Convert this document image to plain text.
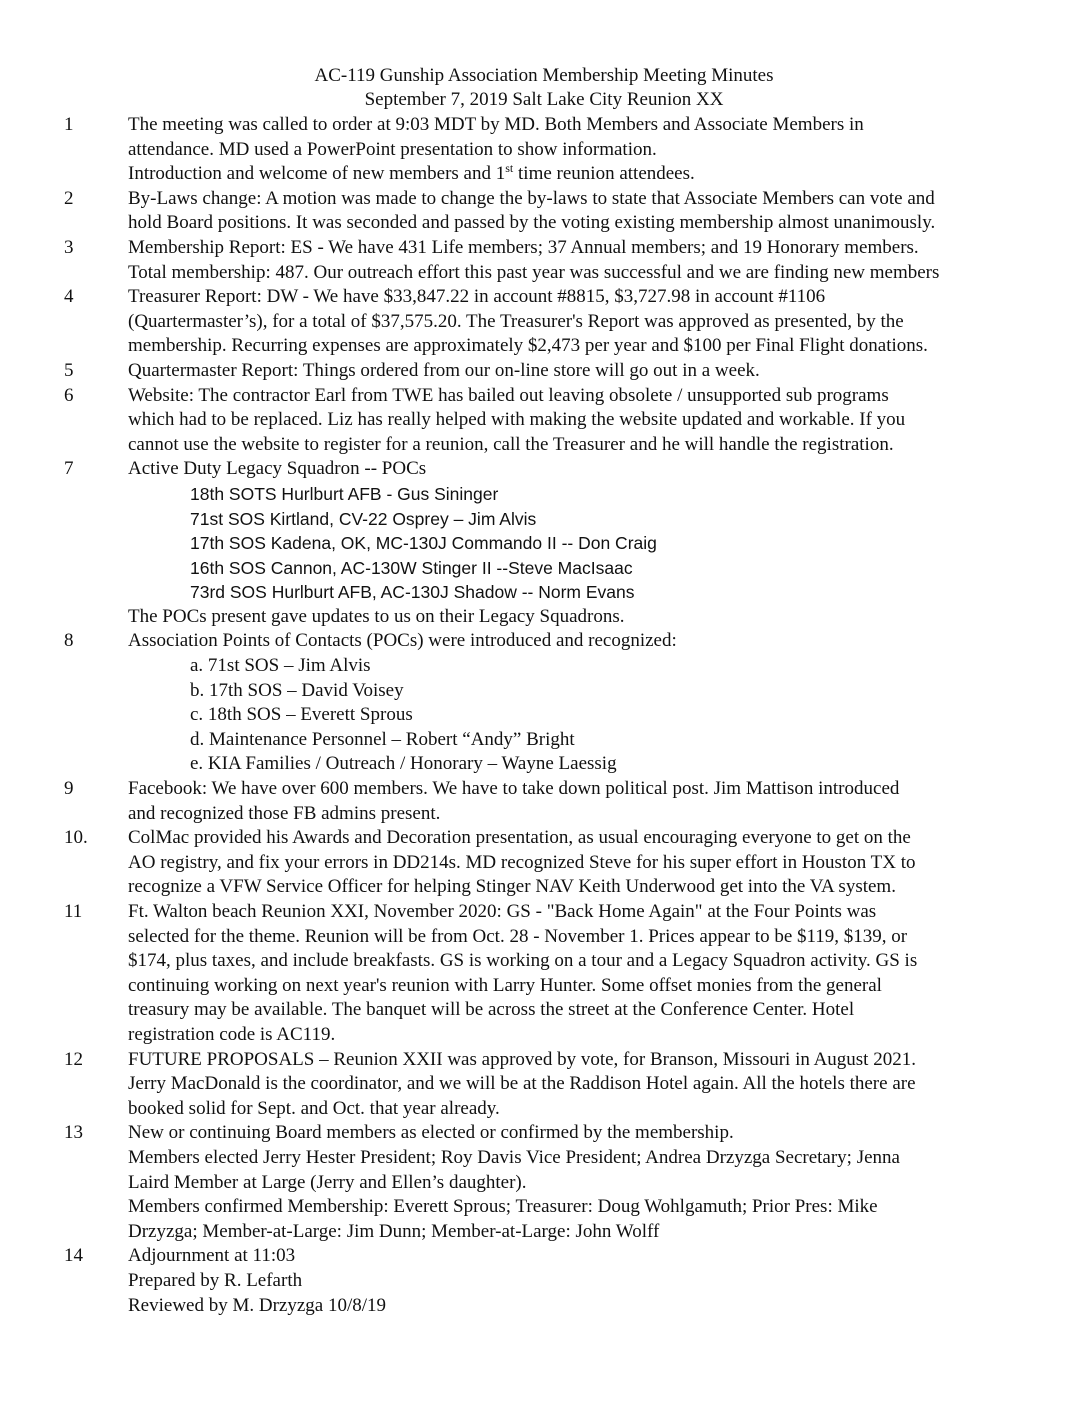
AC-119 Gunship Association Membership Meeting Minutes
September 7, 2019 Salt Lake City Reunion XX
1	The meeting was called to order at 9:03 MDT by MD. Both Members and Associate Members in
attendance. MD used a PowerPoint presentation to show information.
Introduction and welcome of new members and 1st time reunion attendees.
2	By-Laws change: A motion was made to change the by-laws to state that Associate Members can vote and
hold Board positions. It was seconded and passed by the voting existing membership almost unanimously.
3	Membership Report: ES - We have 431 Life members; 37 Annual members; and 19 Honorary members.
Total membership: 487. Our outreach effort this past year was successful and we are finding new members
4	Treasurer Report: DW - We have $33,847.22 in account #8815, $3,727.98 in account #1106
(Quartermaster’s), for a total of $37,575.20. The Treasurer's Report was approved as presented, by the
membership. Recurring expenses are approximately $2,473 per year and $100 per Final Flight donations.
5	Quartermaster Report: Things ordered from our on-line store will go out in a week.
6	Website: The contractor Earl from TWE has bailed out leaving obsolete / unsupported sub programs
which had to be replaced. Liz has really helped with making the website updated and workable. If you
cannot use the website to register for a reunion, call the Treasurer and he will handle the registration.
7	Active Duty Legacy Squadron -- POCs
18th SOTS Hurlburt AFB - Gus Sininger
71st SOS Kirtland, CV-22 Osprey – Jim Alvis
17th SOS Kadena, OK, MC-130J Commando II -- Don Craig
16th SOS Cannon, AC-130W Stinger II --Steve MacIsaac
73rd SOS Hurlburt AFB, AC-130J Shadow -- Norm Evans
The POCs present gave updates to us on their Legacy Squadrons.
8	Association Points of Contacts (POCs) were introduced and recognized:
a. 71st SOS – Jim Alvis
b. 17th SOS – David Voisey
c. 18th SOS – Everett Sprous
d. Maintenance Personnel – Robert “Andy” Bright
e. KIA Families / Outreach / Honorary – Wayne Laessig
9	Facebook: We have over 600 members. We have to take down political post. Jim Mattison introduced
and recognized those FB admins present.
10. ColMac provided his Awards and Decoration presentation, as usual encouraging everyone to get on the
AO registry, and fix your errors in DD214s. MD recognized Steve for his super effort in Houston TX to
recognize a VFW Service Officer for helping Stinger NAV Keith Underwood get into the VA system.
11 Ft. Walton beach Reunion XXI, November 2020: GS - "Back Home Again" at the Four Points was
selected for the theme. Reunion will be from Oct. 28 - November 1. Prices appear to be $119, $139, or
$174, plus taxes, and include breakfasts. GS is working on a tour and a Legacy Squadron activity. GS is
continuing working on next year's reunion with Larry Hunter. Some offset monies from the general
treasury may be available. The banquet will be across the street at the Conference Center. Hotel
registration code is AC119.
12 FUTURE PROPOSALS – Reunion XXII was approved by vote, for Branson, Missouri in August 2021.
Jerry MacDonald is the coordinator, and we will be at the Raddison Hotel again. All the hotels there are
booked solid for Sept. and Oct. that year already.
13 New or continuing Board members as elected or confirmed by the membership.
Members elected Jerry Hester President; Roy Davis Vice President; Andrea Drzyzga Secretary; Jenna
Laird Member at Large (Jerry and Ellen’s daughter).
Members confirmed Membership: Everett Sprous; Treasurer: Doug Wohlgamuth; Prior Pres: Mike
Drzyzga; Member-at-Large: Jim Dunn; Member-at-Large: John Wolff
14 Adjournment at 11:03
Prepared by R. Lefarth
Reviewed by M. Drzyzga 10/8/19
